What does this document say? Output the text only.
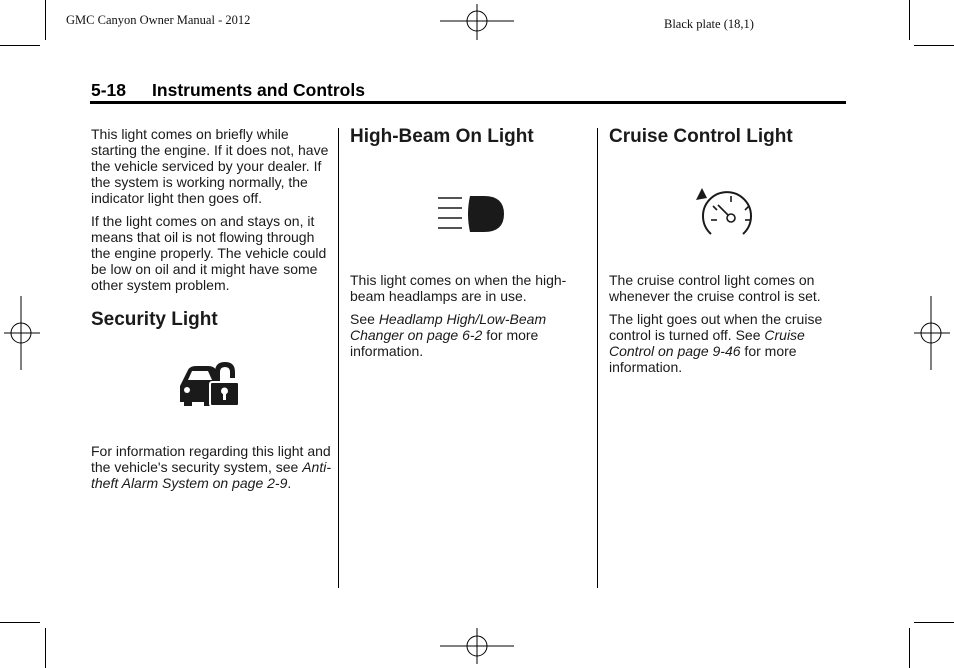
GMC Canyon Owner Manual - 2012	Black plate (18,1)
5-18 Instruments and Controls

This light comes on briefly while starting the engine. If it does not, have the vehicle serviced by your dealer. If the system is working normally, the indicator light then goes off.

If the light comes on and stays on, it means that oil is not flowing through the engine properly. The vehicle could be low on oil and it might have some other system problem.

Security Light

For information regarding this light and the vehicle's security system, see Anti-theft Alarm System on page 2-9.

High-Beam On Light

This light comes on when the high-beam headlamps are in use.

See Headlamp High/Low-Beam Changer on page 6-2 for more information.

Cruise Control Light

The cruise control light comes on whenever the cruise control is set.

The light goes out when the cruise control is turned off. See Cruise Control on page 9-46 for more information.
